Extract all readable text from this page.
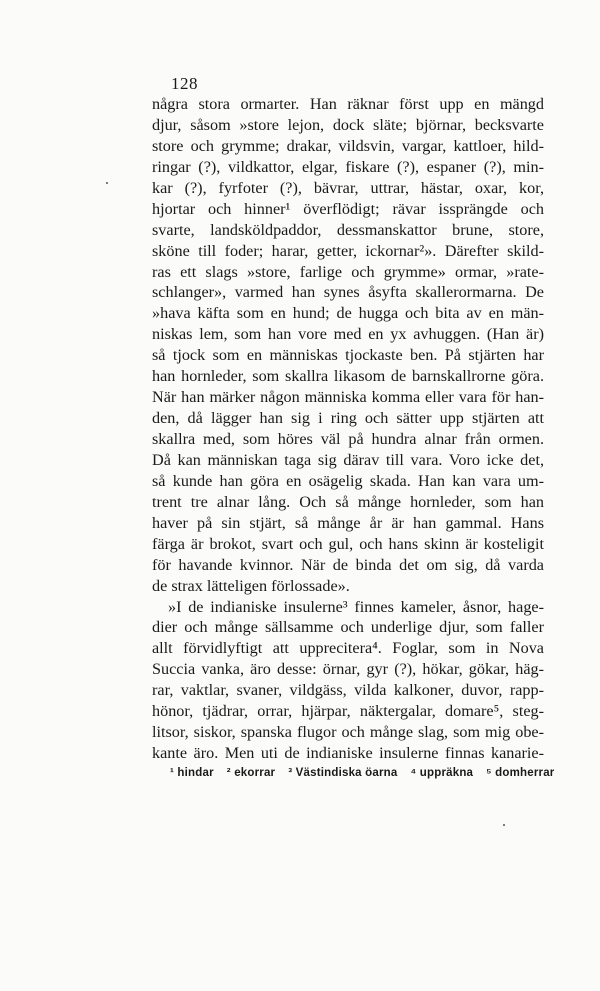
128
några stora ormarter. Han räknar först upp en mängd
djur, såsom »store lejon, dock släte; björnar, becksvarte
store och grymme; drakar, vildsvin, vargar, kattloer, hild-
ringar (?), vildkattor, elgar, fiskare (?), espaner (?), min-
kar (?), fyrfoter (?), bävrar, uttrar, hästar, oxar, kor,
hjortar och hinner¹ överflödigt; rävar issprängde och
svarte, landsköldpaddor, dessmanskattor brune, store,
sköne till foder; harar, getter, ickornar²». Därefter skild-
ras ett slags »store, farlige och grymme» ormar, »rate-
schlanger», varmed han synes åsyfta skallerormarna. De
»hava käfta som en hund; de hugga och bita av en män-
niskas lem, som han vore med en yx avhuggen. (Han är)
så tjock som en människas tjockaste ben. På stjärten har
han hornleder, som skallra likasom de barnskallrorne göra.
När han märker någon människa komma eller vara för han-
den, då lägger han sig i ring och sätter upp stjärten att
skallra med, som höres väl på hundra alnar från ormen.
Då kan människan taga sig därav till vara. Voro icke det,
så kunde han göra en osägelig skada. Han kan vara um-
trent tre alnar lång. Och så månge hornleder, som han
haver på sin stjärt, så månge år är han gammal. Hans
färga är brokot, svart och gul, och hans skinn är kosteligit
för havande kvinnor. När de binda det om sig, då varda
de strax lätteligen förlossade».
»I de indianiske insulerne³ finnes kameler, åsnor, hage-
dier och månge sällsamme och underlige djur, som faller
allt förvidlyftigt att upprecitera⁴. Foglar, som in Nova
Succia vanka, äro desse: örnar, gyr (?), hökar, gökar, häg-
rar, vaktlar, svaner, vildgäss, vilda kalkoner, duvor, rapp-
hönor, tjädrar, orrar, hjärpar, näktergalar, domare⁵, steg-
litsor, siskor, spanska flugor och månge slag, som mig obe-
kante äro. Men uti de indianiske insulerne finnas kanarie-
¹ hindar ² ekorrar ³ Västindiska öarna ⁴ uppräkna ⁵ domherrar
